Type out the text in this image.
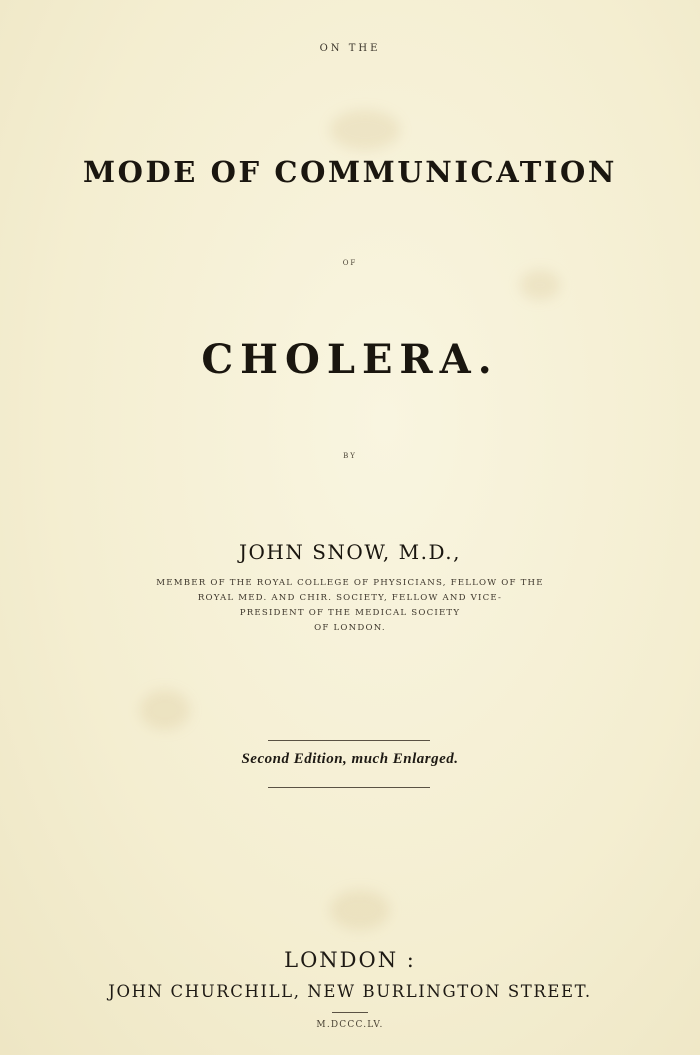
ON THE
MODE OF COMMUNICATION
OF
CHOLERA.
BY
JOHN SNOW, M.D.,
MEMBER OF THE ROYAL COLLEGE OF PHYSICIANS, FELLOW OF THE
ROYAL MED. AND CHIR. SOCIETY, FELLOW AND VICE-
PRESIDENT OF THE MEDICAL SOCIETY
OF LONDON.
Second Edition, much Enlarged.
LONDON :
JOHN CHURCHILL, NEW BURLINGTON STREET.
M.DCCC.LV.
